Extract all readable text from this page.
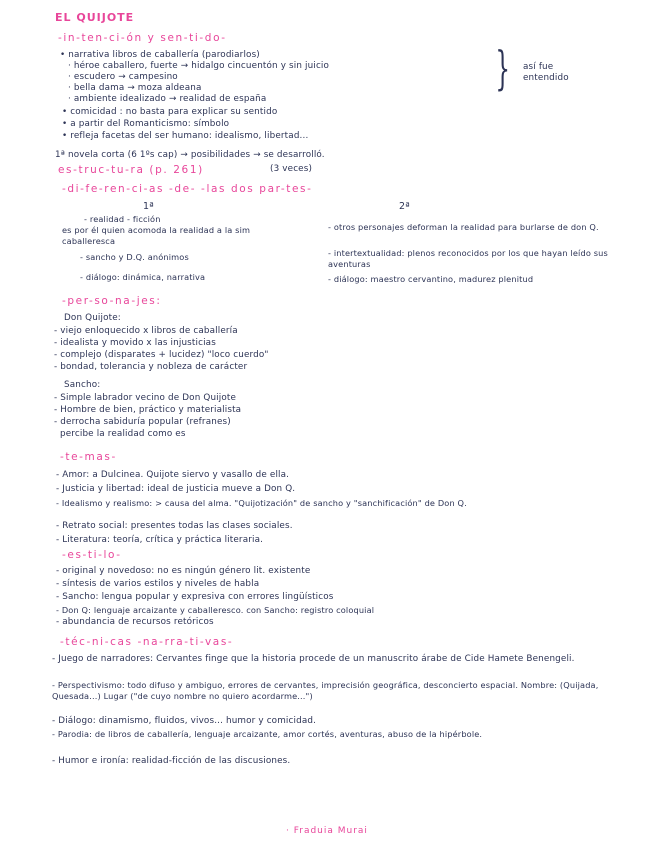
EL QUIJOTE
-in-ten-ci-ón y sen-ti-do-
• narrativa libros de caballería (parodiarlos)
· héroe caballero, fuerte → hidalgo cincuentón y sin juicio
· escudero → campesino
· bella dama → moza aldeana
· ambiente idealizado → realidad de españa
• comicidad : no basta para explicar su sentido
• a partir del Romanticismo: símbolo
• refleja facetas del ser humano: idealismo, libertad...
} así fue entendido
1ª novela corta (6 1ºs cap) → posibilidades → se desarrolló.
es-truc-tu-ra (p. 261)	(3 veces)
-di-fe-ren-ci-as -de- -las dos par-tes-
1ª	2ª
- realidad - ficción
es por él quien acomoda la realidad a la sim caballeresca
- sancho y D.Q. anónimos
- diálogo: dinámica, narrativa
- otros personajes deforman la realidad para burlarse de don Q.
- intertextualidad: plenos reconocidos por los que hayan leído sus aventuras
- diálogo: maestro cervantino, madurez plenitud
-per-so-na-jes:
Don Quijote:
- viejo enloquecido x libros de caballería
- idealista y movido x las injusticias
- complejo (disparates + lucidez) "loco cuerdo"
- bondad, tolerancia y nobleza de carácter
Sancho:
- Simple labrador vecino de Don Quijote
- Hombre de bien, práctico y materialista
- derrocha sabiduría popular (refranes)
percibe la realidad como es
-te-mas-
- Amor: a Dulcinea. Quijote siervo y vasallo de ella.
- Justicia y libertad: ideal de justicia mueve a Don Q.
- Idealismo y realismo: > causa del alma. "Quijotización" de sancho y "sanchificación" de Don Q.
- Retrato social: presentes todas las clases sociales.
- Literatura: teoría, crítica y práctica literaria.
-es-ti-lo-
- original y novedoso: no es ningún género lit. existente
- síntesis de varios estilos y niveles de habla
- Sancho: lengua popular y expresiva con errores lingüísticos
- Don Q: lenguaje arcaizante y caballeresco. con Sancho: registro coloquial
- abundancia de recursos retóricos
-téc-ni-cas -na-rra-ti-vas-
- Juego de narradores: Cervantes finge que la historia procede de un manuscrito árabe de Cide Hamete Benengeli.
- Perspectivismo: todo difuso y ambiguo, errores de cervantes, imprecisión geográfica, desconcierto espacial. Nombre: (Quijada, Quesada...) Lugar ("de cuyo nombre no quiero acordarme...")
- Diálogo: dinamismo, fluidos, vivos... humor y comicidad.
- Parodia: de libros de caballería, lenguaje arcaizante, amor cortés, aventuras, abuso de la hipérbole.
- Humor e ironía: realidad-ficción de las discusiones.
· Fraduia Murai
